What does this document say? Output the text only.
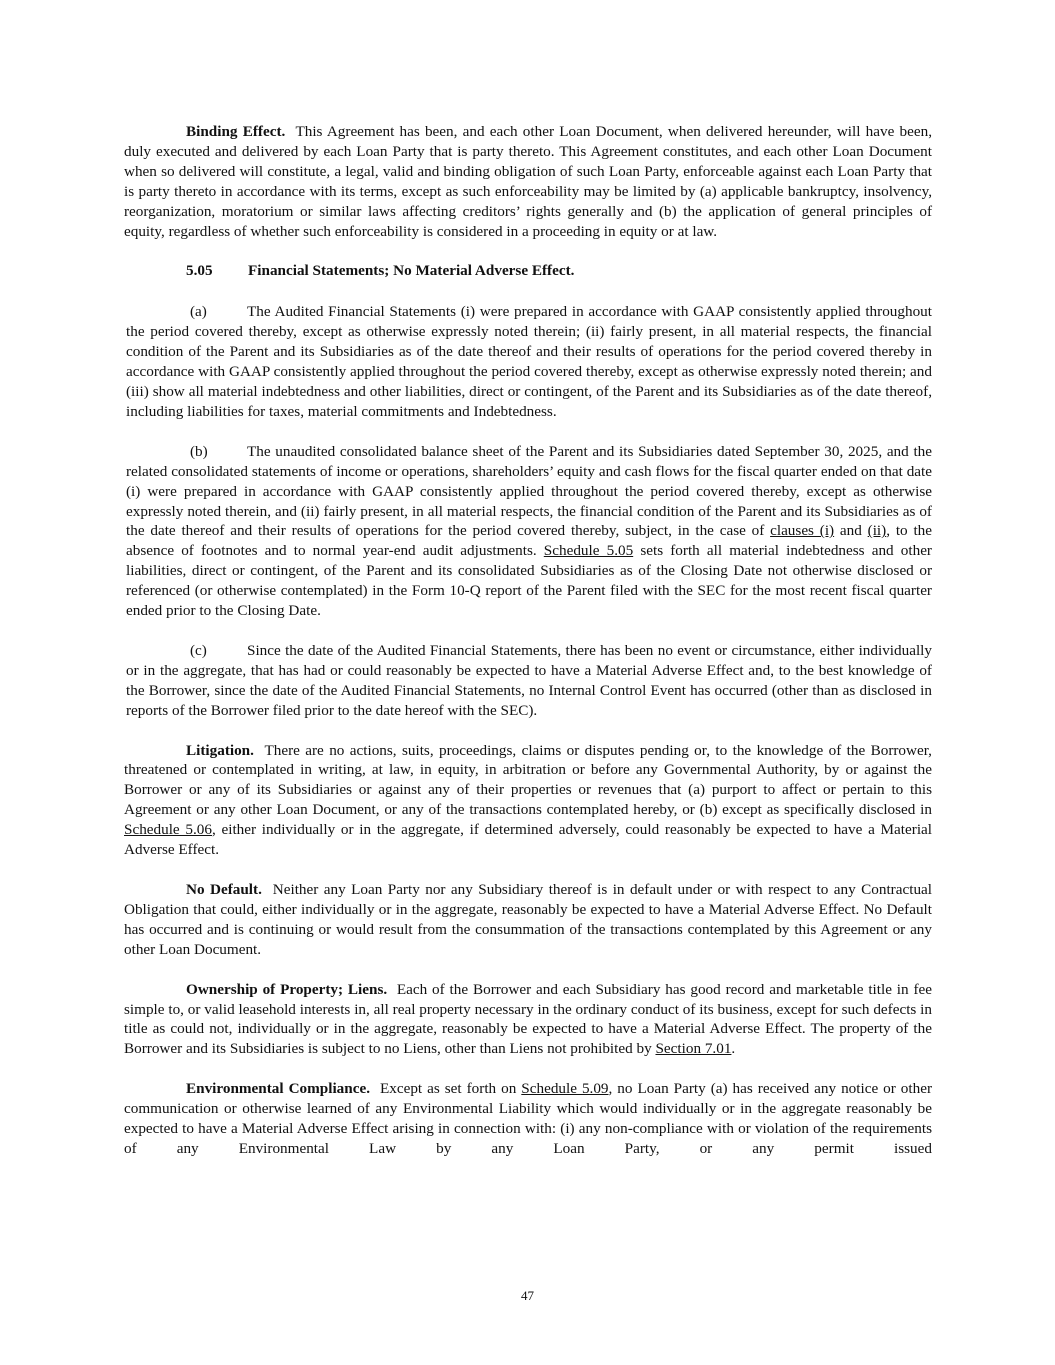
Binding Effect. This Agreement has been, and each other Loan Document, when delivered hereunder, will have been, duly executed and delivered by each Loan Party that is party thereto. This Agreement constitutes, and each other Loan Document when so delivered will constitute, a legal, valid and binding obligation of such Loan Party, enforceable against each Loan Party that is party thereto in accordance with its terms, except as such enforceability may be limited by (a) applicable bankruptcy, insolvency, reorganization, moratorium or similar laws affecting creditors’ rights generally and (b) the application of general principles of equity, regardless of whether such enforceability is considered in a proceeding in equity or at law.

5.05 Financial Statements; No Material Adverse Effect.

(a)	The Audited Financial Statements (i) were prepared in accordance with GAAP consistently applied throughout the period covered thereby, except as otherwise expressly noted therein; (ii) fairly present, in all material respects, the financial condition of the Parent and its Subsidiaries as of the date thereof and their results of operations for the period covered thereby in accordance with GAAP consistently applied throughout the period covered thereby, except as otherwise expressly noted therein; and (iii) show all material indebtedness and other liabilities, direct or contingent, of the Parent and its Subsidiaries as of the date thereof, including liabilities for taxes, material commitments and Indebtedness.

(b)	The unaudited consolidated balance sheet of the Parent and its Subsidiaries dated September 30, 2025, and the related consolidated statements of income or operations, shareholders’ equity and cash flows for the fiscal quarter ended on that date (i) were prepared in accordance with GAAP consistently applied throughout the period covered thereby, except as otherwise expressly noted therein, and (ii) fairly present, in all material respects, the financial condition of the Parent and its Subsidiaries as of the date thereof and their results of operations for the period covered thereby, subject, in the case of clauses (i) and (ii), to the absence of footnotes and to normal year-end audit adjustments. Schedule 5.05 sets forth all material indebtedness and other liabilities, direct or contingent, of the Parent and its consolidated Subsidiaries as of the Closing Date not otherwise disclosed or referenced (or otherwise contemplated) in the Form 10-Q report of the Parent filed with the SEC for the most recent fiscal quarter ended prior to the Closing Date.

(c)	Since the date of the Audited Financial Statements, there has been no event or circumstance, either individually or in the aggregate, that has had or could reasonably be expected to have a Material Adverse Effect and, to the best knowledge of the Borrower, since the date of the Audited Financial Statements, no Internal Control Event has occurred (other than as disclosed in reports of the Borrower filed prior to the date hereof with the SEC).

Litigation. There are no actions, suits, proceedings, claims or disputes pending or, to the knowledge of the Borrower, threatened or contemplated in writing, at law, in equity, in arbitration or before any Governmental Authority, by or against the Borrower or any of its Subsidiaries or against any of their properties or revenues that (a) purport to affect or pertain to this Agreement or any other Loan Document, or any of the transactions contemplated hereby, or (b) except as specifically disclosed in Schedule 5.06, either individually or in the aggregate, if determined adversely, could reasonably be expected to have a Material Adverse Effect.

No Default. Neither any Loan Party nor any Subsidiary thereof is in default under or with respect to any Contractual Obligation that could, either individually or in the aggregate, reasonably be expected to have a Material Adverse Effect. No Default has occurred and is continuing or would result from the consummation of the transactions contemplated by this Agreement or any other Loan Document.

Ownership of Property; Liens. Each of the Borrower and each Subsidiary has good record and marketable title in fee simple to, or valid leasehold interests in, all real property necessary in the ordinary conduct of its business, except for such defects in title as could not, individually or in the aggregate, reasonably be expected to have a Material Adverse Effect. The property of the Borrower and its Subsidiaries is subject to no Liens, other than Liens not prohibited by Section 7.01.

Environmental Compliance. Except as set forth on Schedule 5.09, no Loan Party (a) has received any notice or other communication or otherwise learned of any Environmental Liability which would individually or in the aggregate reasonably be expected to have a Material Adverse Effect arising in connection with: (i) any non-compliance with or violation of the requirements of any Environmental Law by any Loan Party, or any permit issued

47
